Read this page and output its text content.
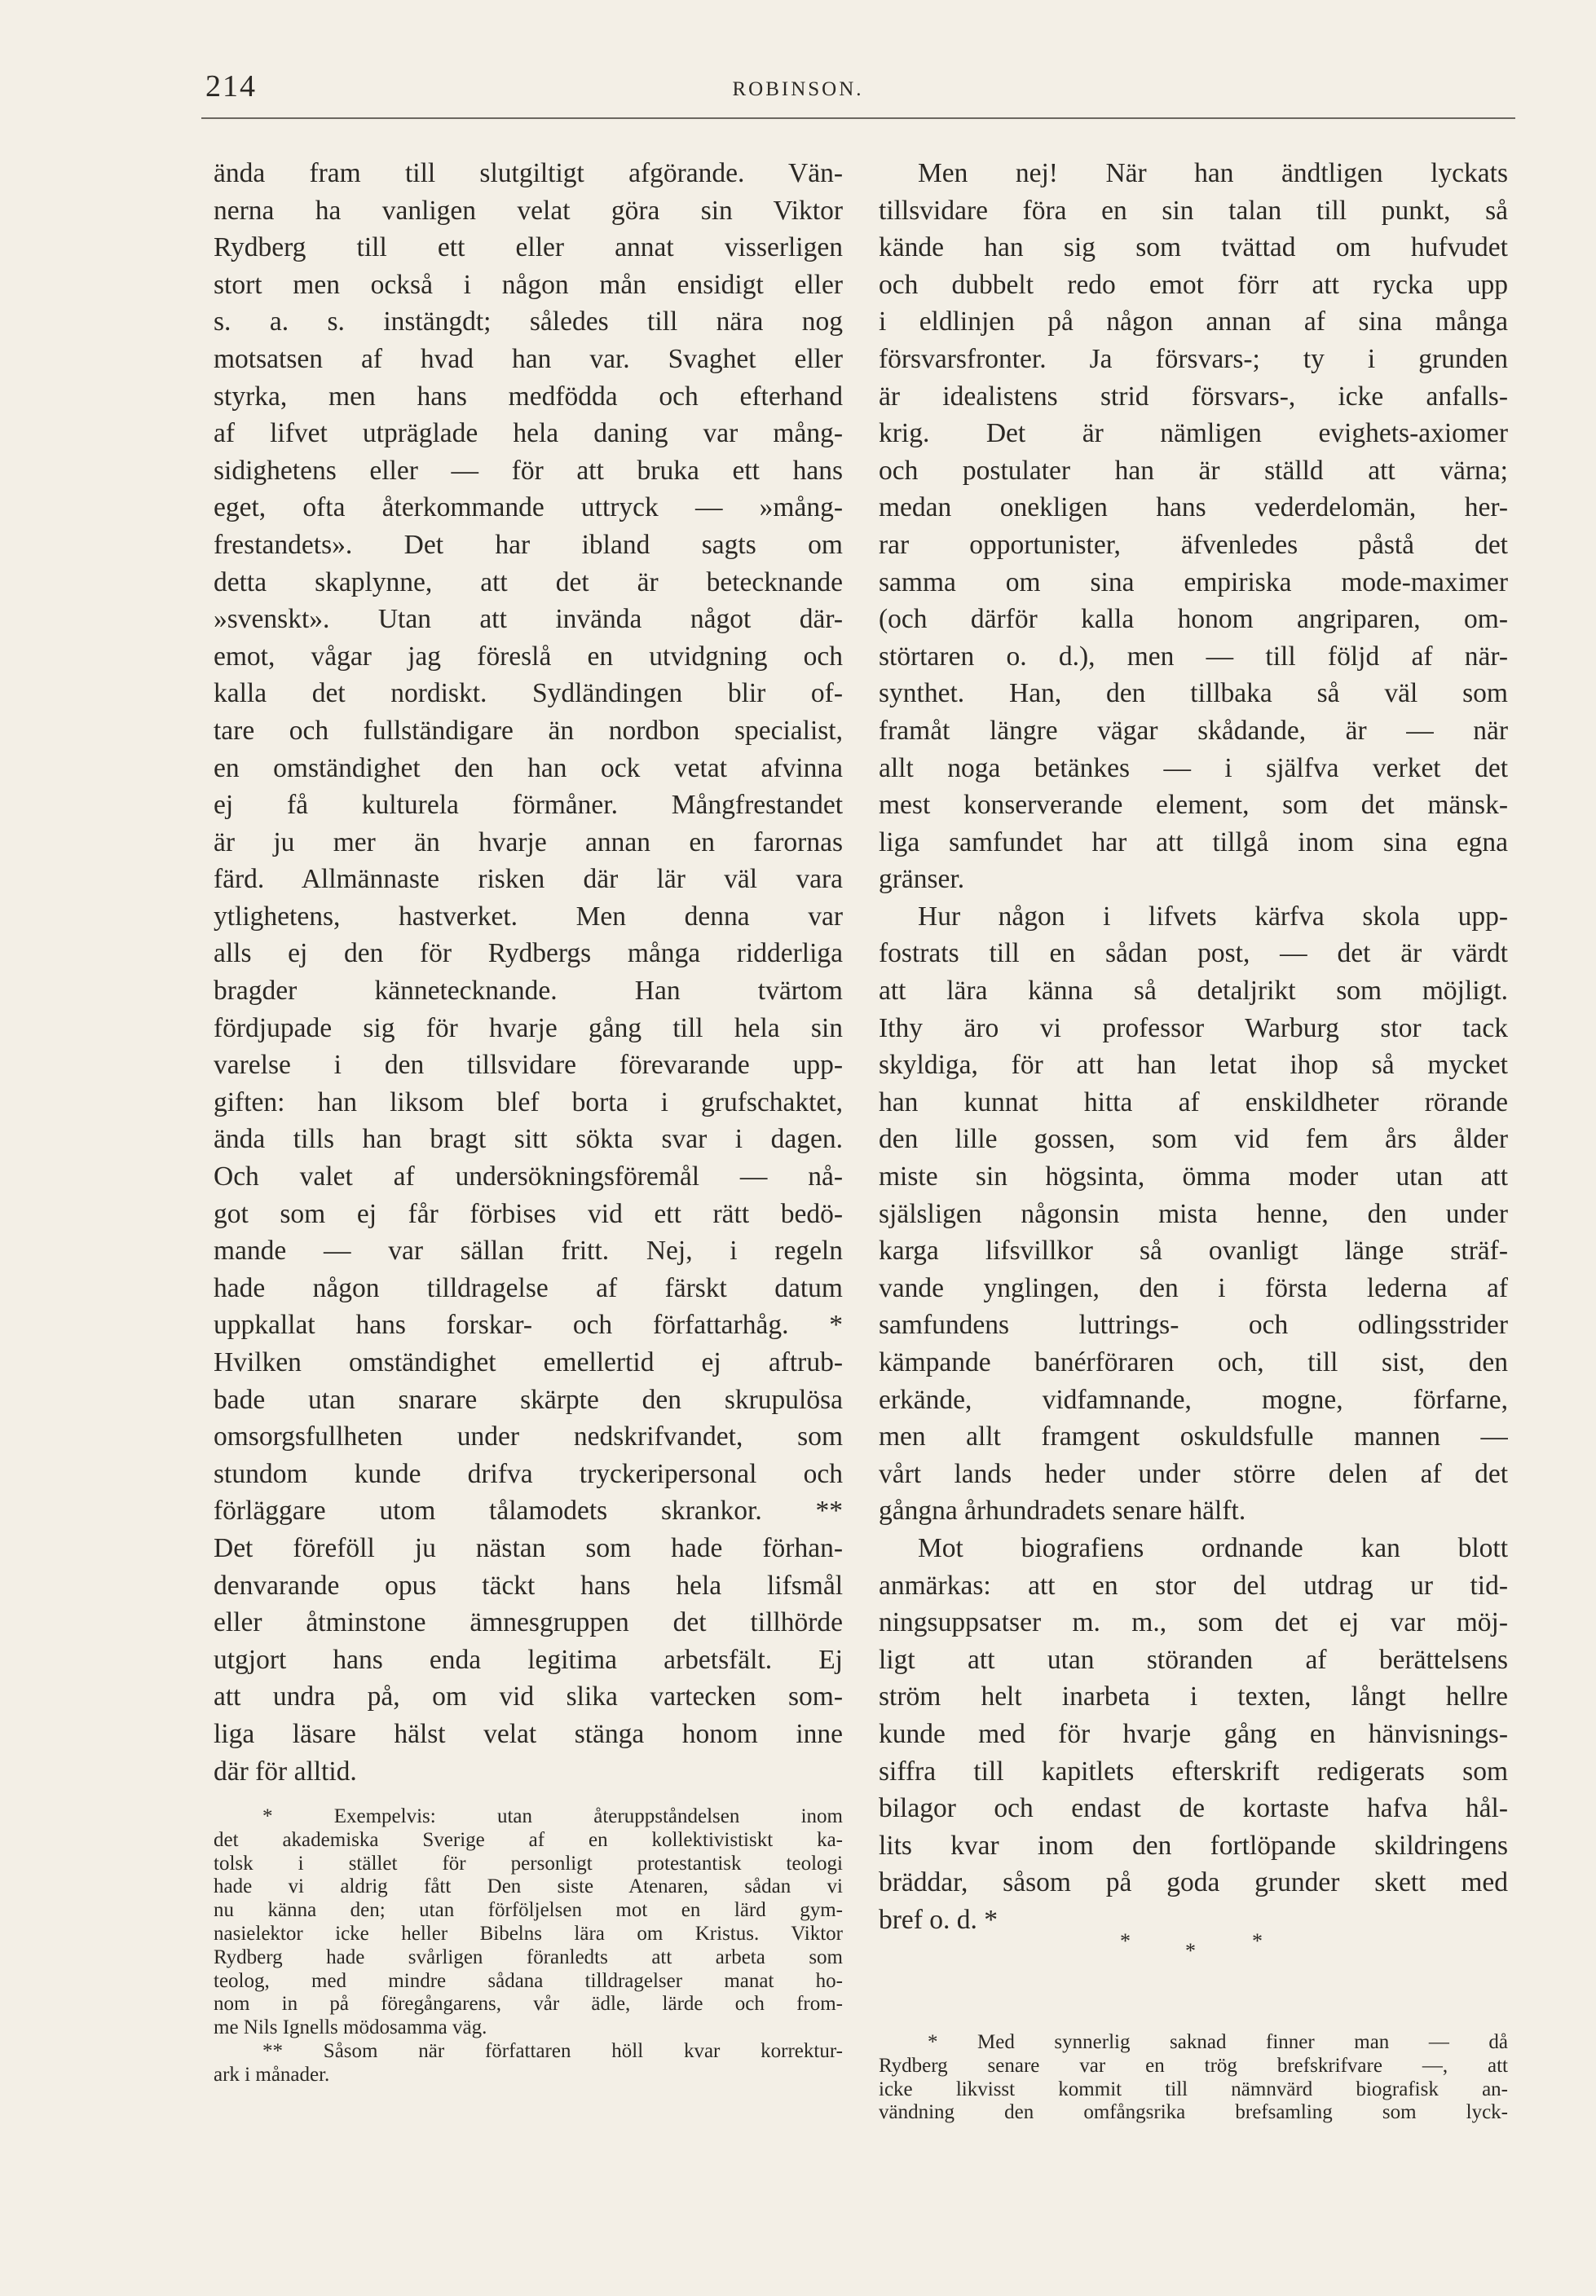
214	ROBINSON.
ända fram till slutgiltigt afgörande. Vän-
nerna ha vanligen velat göra sin Viktor
Rydberg till ett eller annat visserligen
stort men också i någon mån ensidigt eller
s. a. s. instängdt; således till nära nog
motsatsen af hvad han var. Svaghet eller
styrka, men hans medfödda och efterhand
af lifvet utpräglade hela daning var mång-
sidighetens eller — för att bruka ett hans
eget, ofta återkommande uttryck — »mång-
frestandets». Det har ibland sagts om
detta skaplynne, att det är betecknande
»svenskt». Utan att invända något där-
emot, vågar jag föreslå en utvidgning och
kalla det nordiskt. Sydländingen blir of-
tare och fullständigare än nordbon specialist,
en omständighet den han ock vetat afvinna
ej få kulturela förmåner. Mångfrestandet
är ju mer än hvarje annan en farornas
färd. Allmännaste risken där lär väl vara
ytlighetens, hastverket. Men denna var
alls ej den för Rydbergs många ridderliga
bragder kännetecknande. Han tvärtom
fördjupade sig för hvarje gång till hela sin
varelse i den tillsvidare förevarande upp-
giften: han liksom blef borta i grufschaktet,
ända tills han bragt sitt sökta svar i dagen.
Och valet af undersökningsföremål — nå-
got som ej får förbises vid ett rätt bedö-
mande — var sällan fritt. Nej, i regeln
hade någon tilldragelse af färskt datum
uppkallat hans forskar- och författarhåg. *
Hvilken omständighet emellertid ej aftrub-
bade utan snarare skärpte den skrupulösa
omsorgsfullheten under nedskrifvandet, som
stundom kunde drifva tryckeripersonal och
förläggare utom tålamodets skrankor. **
Det föreföll ju nästan som hade förhan-
denvarande opus täckt hans hela lifsmål
eller åtminstone ämnesgruppen det tillhörde
utgjort hans enda legitima arbetsfält. Ej
att undra på, om vid slika vartecken som-
liga läsare hälst velat stänga honom inne
där för alltid.
Men nej! När han ändtligen lyckats
tillsvidare föra en sin talan till punkt, så
kände han sig som tvättad om hufvudet
och dubbelt redo emot förr att rycka upp
i eldlinjen på någon annan af sina många
försvarsfronter. Ja försvars-; ty i grunden
är idealistens strid försvars-, icke anfalls-
krig. Det är nämligen evighets-axiomer
och postulater han är ställd att värna;
medan onekligen hans vederdelomän, her-
rar opportunister, äfvenledes påstå det
samma om sina empiriska mode-maximer
(och därför kalla honom angriparen, om-
störtaren o. d.), men — till följd af när-
synthet. Han, den tillbaka så väl som
framåt längre vägar skådande, är — när
allt noga betänkes — i själfva verket det
mest konserverande element, som det mänsk-
liga samfundet har att tillgå inom sina egna
gränser.
Hur någon i lifvets kärfva skola upp-
fostrats till en sådan post, — det är värdt
att lära känna så detaljrikt som möjligt.
Ithy äro vi professor Warburg stor tack
skyldiga, för att han letat ihop så mycket
han kunnat hitta af enskildheter rörande
den lille gossen, som vid fem års ålder
miste sin högsinta, ömma moder utan att
själsligen någonsin mista henne, den under
karga lifsvillkor så ovanligt länge sträf-
vande ynglingen, den i första lederna af
samfundens luttrings- och odlingsstrider
kämpande banérföraren och, till sist, den
erkände, vidfamnande, mogne, förfarne,
men allt framgent oskuldsfulle mannen —
vårt lands heder under större delen af det
gångna århundradets senare hälft.
Mot biografiens ordnande kan blott
anmärkas: att en stor del utdrag ur tid-
ningsuppsatser m. m., som det ej var möj-
ligt att utan störanden af berättelsens
ström helt inarbeta i texten, långt hellre
kunde med för hvarje gång en hänvisnings-
siffra till kapitlets efterskrift redigerats som
bilagor och endast de kortaste hafva hål-
lits kvar inom den fortlöpande skildringens
bräddar, såsom på goda grunder skett med
bref o. d. *
*	*	*
* Exempelvis: utan återuppståndelsen inom
det akademiska Sverige af en kollektivistiskt ka-
tolsk i stället för personligt protestantisk teologi
hade vi aldrig fått Den siste Atenaren, sådan vi
nu känna den; utan förföljelsen mot en lärd gym-
nasielektor icke heller Bibelns lära om Kristus. Viktor
Rydberg hade svårligen föranledts att arbeta som
teolog, med mindre sådana tilldragelser manat ho-
nom in på föregångarens, vår ädle, lärde och from-
me Nils Ignells mödosamma väg.
** Såsom när författaren höll kvar korrektur-
ark i månader.
* Med synnerlig saknad finner man — då
Rydberg senare var en trög brefskrifvare —, att
icke likvisst kommit till nämnvärd biografisk an-
vändning den omfångsrika brefsamling som lyck-
